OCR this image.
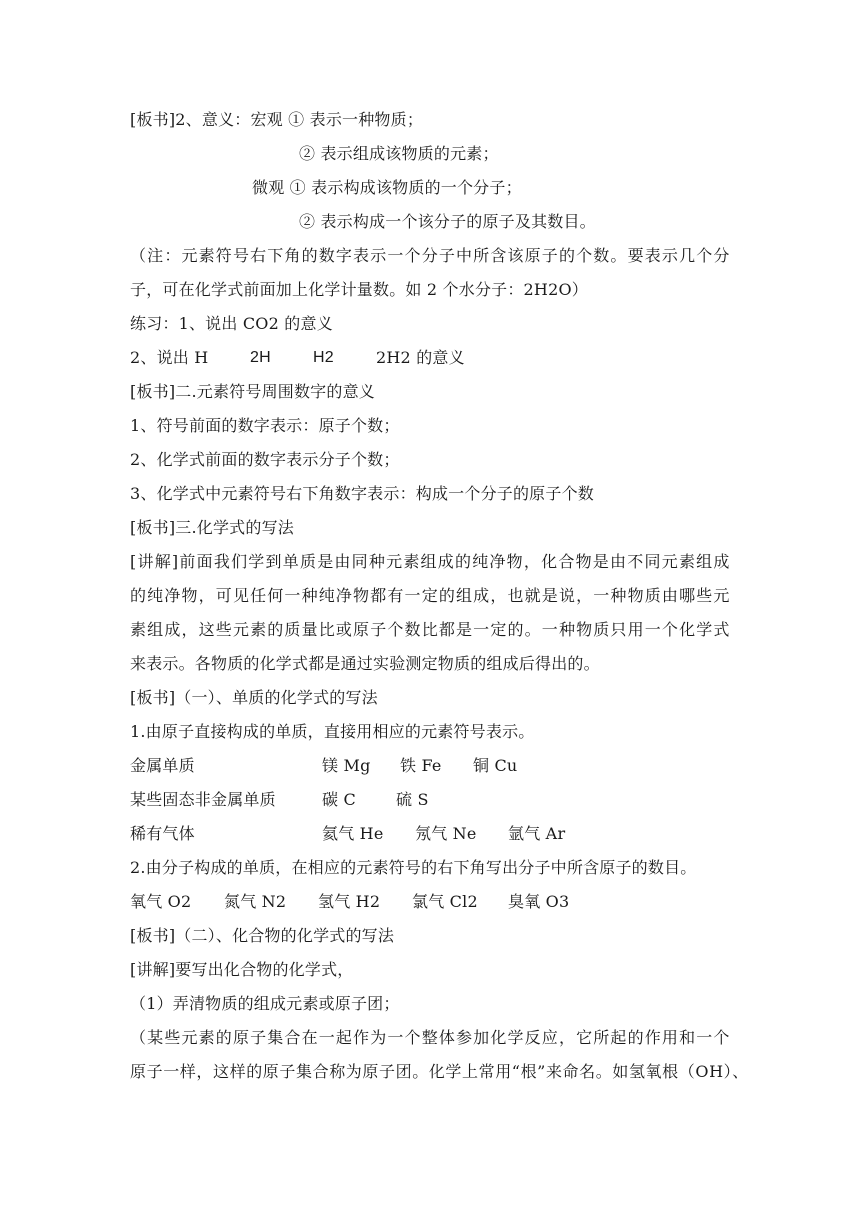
[板书]2、意义：宏观 ① 表示一种物质；
② 表示组成该物质的元素；
微观 ① 表示构成该物质的一个分子；
② 表示构成一个该分子的原子及其数目。
（注：元素符号右下角的数字表示一个分子中所含该原子的个数。要表示几个分
子，可在化学式前面加上化学计量数。如 2 个水分子：2H2O）
练习：1、说出 CO2 的意义
2、说出 H	2H	H2	2H2 的意义
[板书]二.元素符号周围数字的意义
1、符号前面的数字表示：原子个数；
2、化学式前面的数字表示分子个数；
3、化学式中元素符号右下角数字表示：构成一个分子的原子个数
[板书]三.化学式的写法
[讲解]前面我们学到单质是由同种元素组成的纯净物，化合物是由不同元素组成
的纯净物，可见任何一种纯净物都有一定的组成，也就是说，一种物质由哪些元
素组成，这些元素的质量比或原子个数比都是一定的。一种物质只用一个化学式
来表示。各物质的化学式都是通过实验测定物质的组成后得出的。
[板书]（一）、单质的化学式的写法
1.由原子直接构成的单质，直接用相应的元素符号表示。
金属单质	镁 Mg 铁 Fe 铜 Cu
某些固态非金属单质	碳 C	硫 S
稀有气体	氦气 He 氖气 Ne 氩气 Ar
2.由分子构成的单质，在相应的元素符号的右下角写出分子中所含原子的数目。
氧气 O2 氮气 N2 氢气 H2 氯气 Cl2 臭氧 O3
[板书]（二）、化合物的化学式的写法
[讲解]要写出化合物的化学式，
（1）弄清物质的组成元素或原子团；
（某些元素的原子集合在一起作为一个整体参加化学反应，它所起的作用和一个
原子一样，这样的原子集合称为原子团。化学上常用“根”来命名。如氢氧根（OH）、
